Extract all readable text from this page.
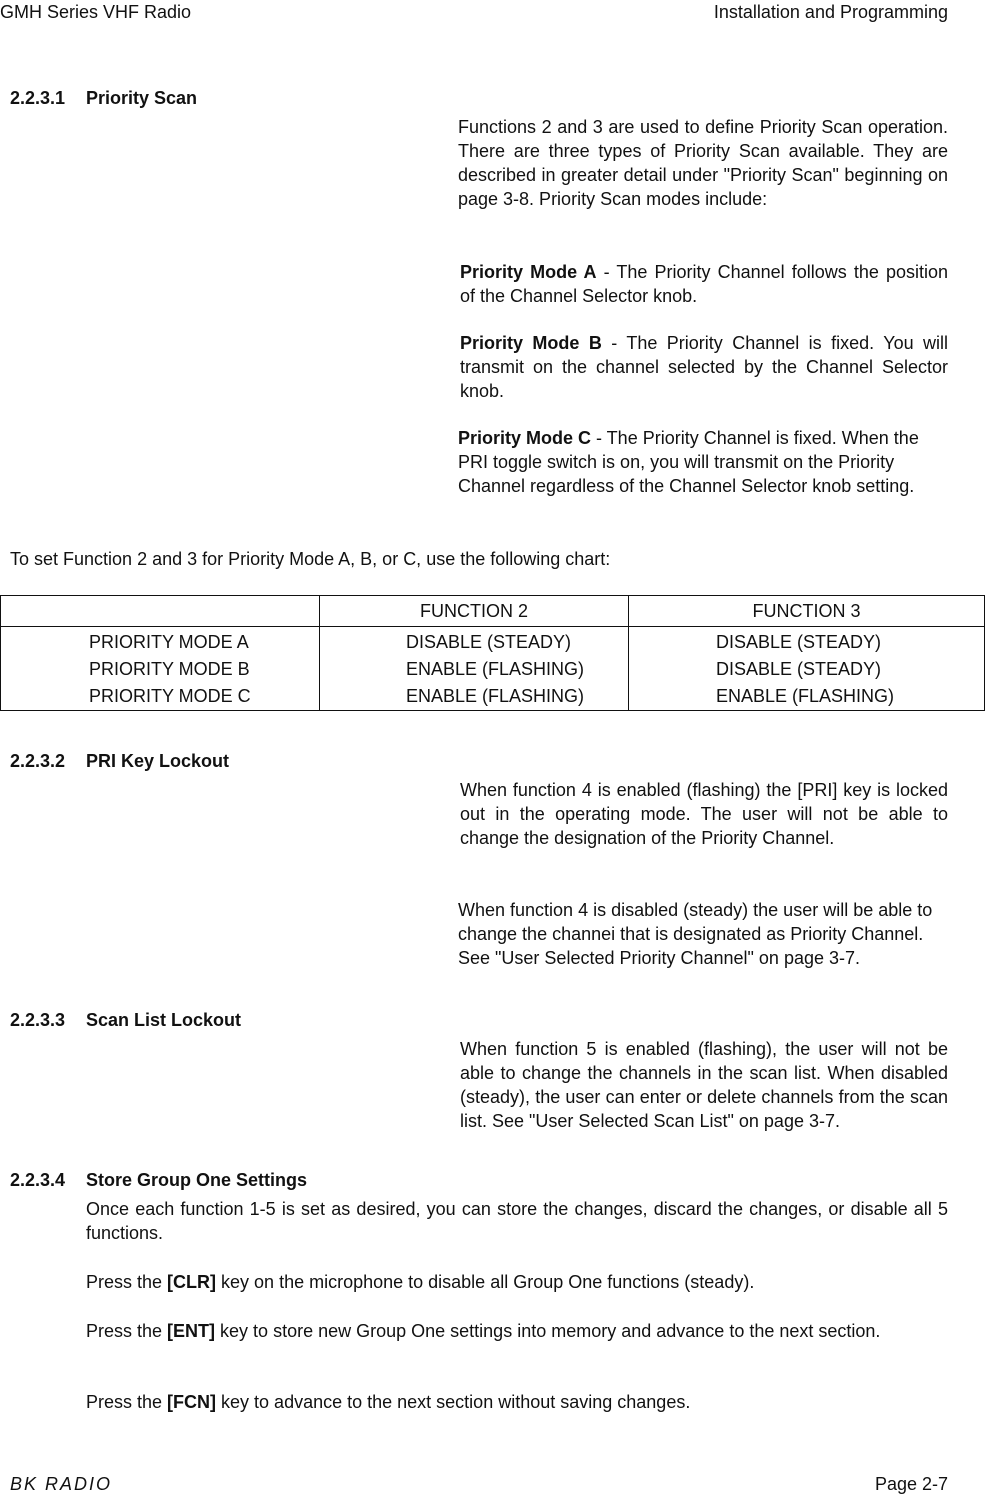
GMH Series VHF Radio	Installation and Programming
2.2.3.1 Priority Scan
Functions 2 and 3 are used to define Priority Scan operation. There are three types of Priority Scan available. They are described in greater detail under "Priority Scan" beginning on page 3-8. Priority Scan modes include:
Priority Mode A - The Priority Channel follows the position of the Channel Selector knob.
Priority Mode B - The Priority Channel is fixed. You will transmit on the channel selected by the Channel Selector knob.
Priority Mode C - The Priority Channel is fixed. When the PRI toggle switch is on, you will transmit on the Priority Channel regardless of the Channel Selector knob setting.
To set Function 2 and 3 for Priority Mode A, B, or C, use the following chart:
	FUNCTION 2	FUNCTION 3
PRIORITY MODE A	DISABLE (STEADY)	DISABLE (STEADY)
PRIORITY MODE B	ENABLE (FLASHING)	DISABLE (STEADY)
PRIORITY MODE C	ENABLE (FLASHING)	ENABLE (FLASHING)
2.2.3.2 PRI Key Lockout
When function 4 is enabled (flashing) the [PRI] key is locked out in the operating mode. The user will not be able to change the designation of the Priority Channel.
When function 4 is disabled (steady) the user will be able to change the channei that is designated as Priority Channel. See "User Selected Priority Channel" on page 3-7.
2.2.3.3 Scan List Lockout
When function 5 is enabled (flashing), the user will not be able to change the channels in the scan list. When disabled (steady), the user can enter or delete channels from the scan list. See "User Selected Scan List" on page 3-7.
2.2.3.4 Store Group One Settings
Once each function 1-5 is set as desired, you can store the changes, discard the changes, or disable all 5 functions.
Press the [CLR] key on the microphone to disable all Group One functions (steady).
Press the [ENT] key to store new Group One settings into memory and advance to the next section.
Press the [FCN] key to advance to the next section without saving changes.
BK RADIO	Page 2-7
